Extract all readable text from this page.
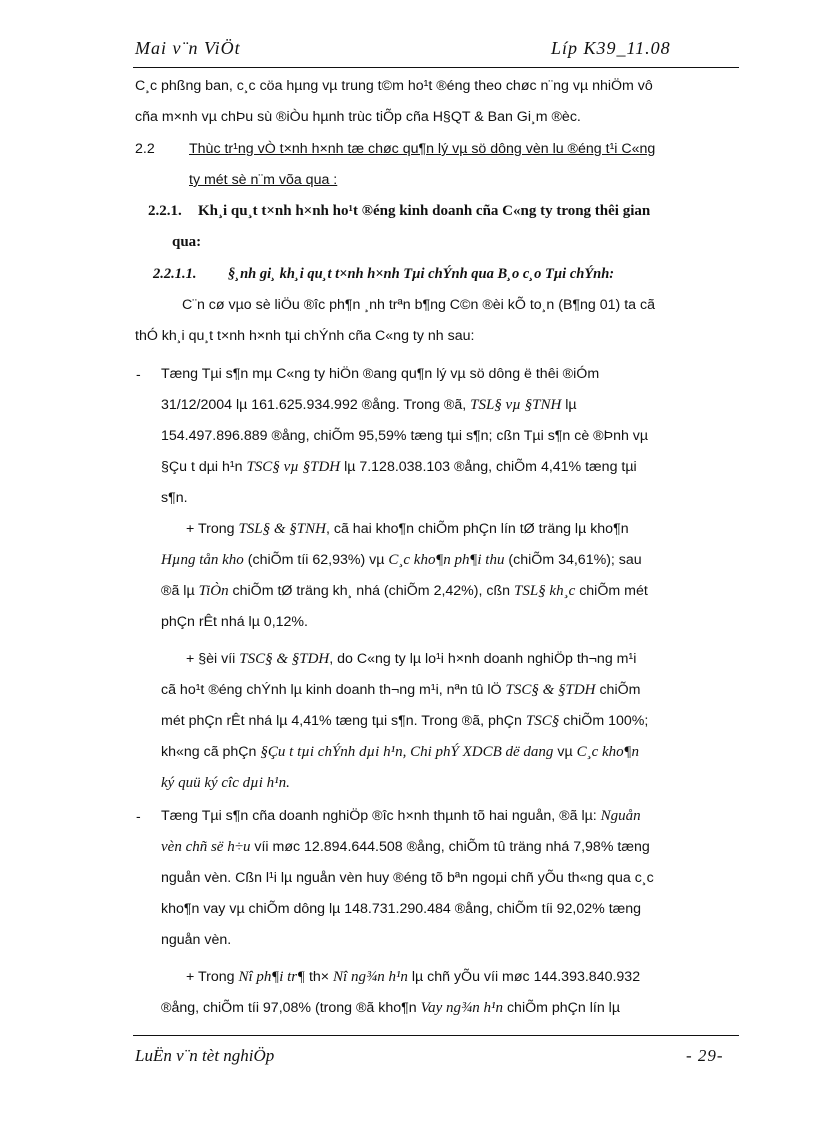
Mai v¨n ViÖt	Líp K39_11.08
C¸c phßng ban, c¸c cöa hµng vµ trung t©m ho¹t ®éng theo chøc n¨ng vµ nhiÖm vô
cña m×nh vµ chÞu sù ®iÒu hµnh trùc tiÕp cña H§QT & Ban Gi¸m ®èc.
2.2 Thùc tr¹ng vÒ t×nh h×nh tæ chøc qu¶n lý vµ sö dông vèn lu ®éng t¹i C«ng
ty mét sè n¨m võa qua :
2.2.1. Kh¸i qu¸t t×nh h×nh ho¹t ®éng kinh doanh cña C«ng ty trong thêi gian
qua:
2.2.1.1. §¸nh gi¸ kh¸i qu¸t t×nh h×nh Tµi chÝnh qua B¸o c¸o Tµi chÝnh:
C¨n cø vµo sè liÖu ®îc ph¶n ¸nh trªn b¶ng C©n ®èi kÕ to¸n (B¶ng 01) ta cã
thÓ kh¸i qu¸t t×nh h×nh tµi chÝnh cña C«ng ty nh sau:
- Tæng Tµi s¶n mµ C«ng ty hiÖn ®ang qu¶n lý vµ sö dông ë thêi ®iÓm
31/12/2004 lµ 161.625.934.992 ®ång. Trong ®ã, TSL§ vµ §TNH lµ
154.497.896.889 ®ång, chiÕm 95,59% tæng tµi s¶n; cßn Tµi s¶n cè ®Þnh vµ
§Çu t dµi h¹n TSC§ vµ §TDH lµ 7.128.038.103 ®ång, chiÕm 4,41% tæng tµi
s¶n.
+ Trong TSL§ & §TNH, cã hai kho¶n chiÕm phÇn lín tØ träng lµ kho¶n
Hµng tån kho (chiÕm tíi 62,93%) vµ C¸c kho¶n ph¶i thu (chiÕm 34,61%); sau
®ã lµ TiÒn chiÕm tØ träng kh¸ nhá (chiÕm 2,42%), cßn TSL§ kh¸c chiÕm mét
phÇn rÊt nhá lµ 0,12%.
+ §èi víi TSC§ & §TDH, do C«ng ty lµ lo¹i h×nh doanh nghiÖp th¬ng m¹i
cã ho¹t ®éng chÝnh lµ kinh doanh th¬ng m¹i, nªn tû lÖ TSC§ & §TDH chiÕm
mét phÇn rÊt nhá lµ 4,41% tæng tµi s¶n. Trong ®ã, phÇn TSC§ chiÕm 100%;
kh«ng cã phÇn §Çu t tµi chÝnh dµi h¹n, Chi phÝ XDCB dë dang vµ C¸c kho¶n
ký quü ký cîc dµi h¹n.
- Tæng Tµi s¶n cña doanh nghiÖp ®îc h×nh thµnh tõ hai nguån, ®ã lµ: Nguån
vèn chñ së h÷u víi møc 12.894.644.508 ®ång, chiÕm tû träng nhá 7,98% tæng
nguån vèn. Cßn l¹i lµ nguån vèn huy ®éng tõ bªn ngoµi chñ yÕu th«ng qua c¸c
kho¶n vay vµ chiÕm dông lµ 148.731.290.484 ®ång, chiÕm tíi 92,02% tæng
nguån vèn.
+ Trong Nî ph¶i tr¶ th× Nî ng¾n h¹n lµ chñ yÕu víi møc 144.393.840.932
®ång, chiÕm tíi 97,08% (trong ®ã kho¶n Vay ng¾n h¹n chiÕm phÇn lín lµ
LuËn v¨n tèt nghiÖp	- 29-
